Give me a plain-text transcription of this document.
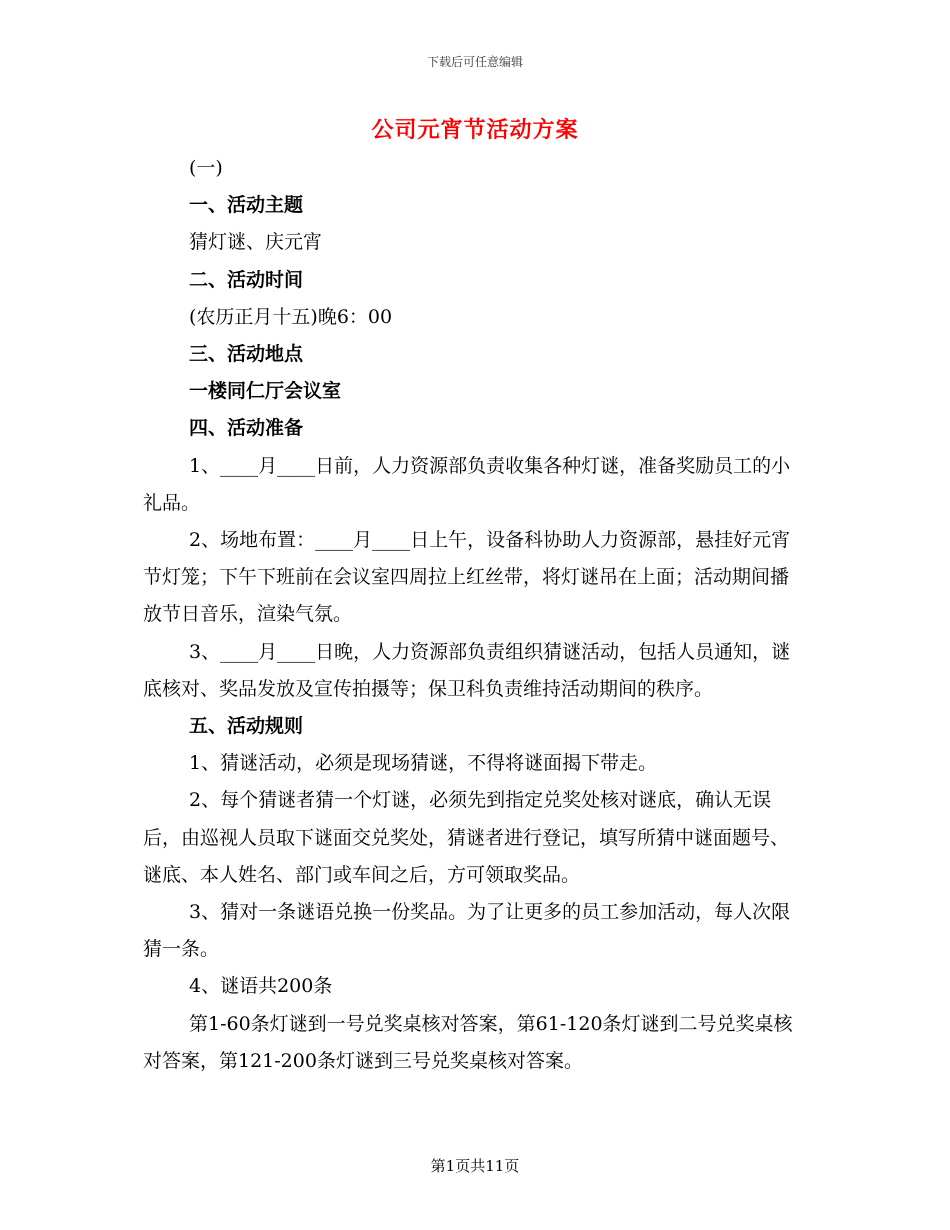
下载后可任意编辑
公司元宵节活动方案

(一)

一、活动主题

猜灯谜、庆元宵

二、活动时间

(农历正月十五)晚6：00

三、活动地点

一楼同仁厅会议室

四、活动准备

1、____月____日前，人力资源部负责收集各种灯谜，准备奖励员工的小礼品。

2、场地布置：____月____日上午，设备科协助人力资源部，悬挂好元宵节灯笼；下午下班前在会议室四周拉上红丝带，将灯谜吊在上面；活动期间播放节日音乐，渲染气氛。

3、____月____日晚，人力资源部负责组织猜谜活动，包括人员通知，谜底核对、奖品发放及宣传拍摄等；保卫科负责维持活动期间的秩序。

五、活动规则

1、猜谜活动，必须是现场猜谜，不得将谜面揭下带走。

2、每个猜谜者猜一个灯谜，必须先到指定兑奖处核对谜底，确认无误后，由巡视人员取下谜面交兑奖处，猜谜者进行登记，填写所猜中谜面题号、谜底、本人姓名、部门或车间之后，方可领取奖品。

3、猜对一条谜语兑换一份奖品。为了让更多的员工参加活动，每人次限猜一条。

4、谜语共200条

第1-60条灯谜到一号兑奖桌核对答案，第61-120条灯谜到二号兑奖桌核对答案，第121-200条灯谜到三号兑奖桌核对答案。

第1页共11页
